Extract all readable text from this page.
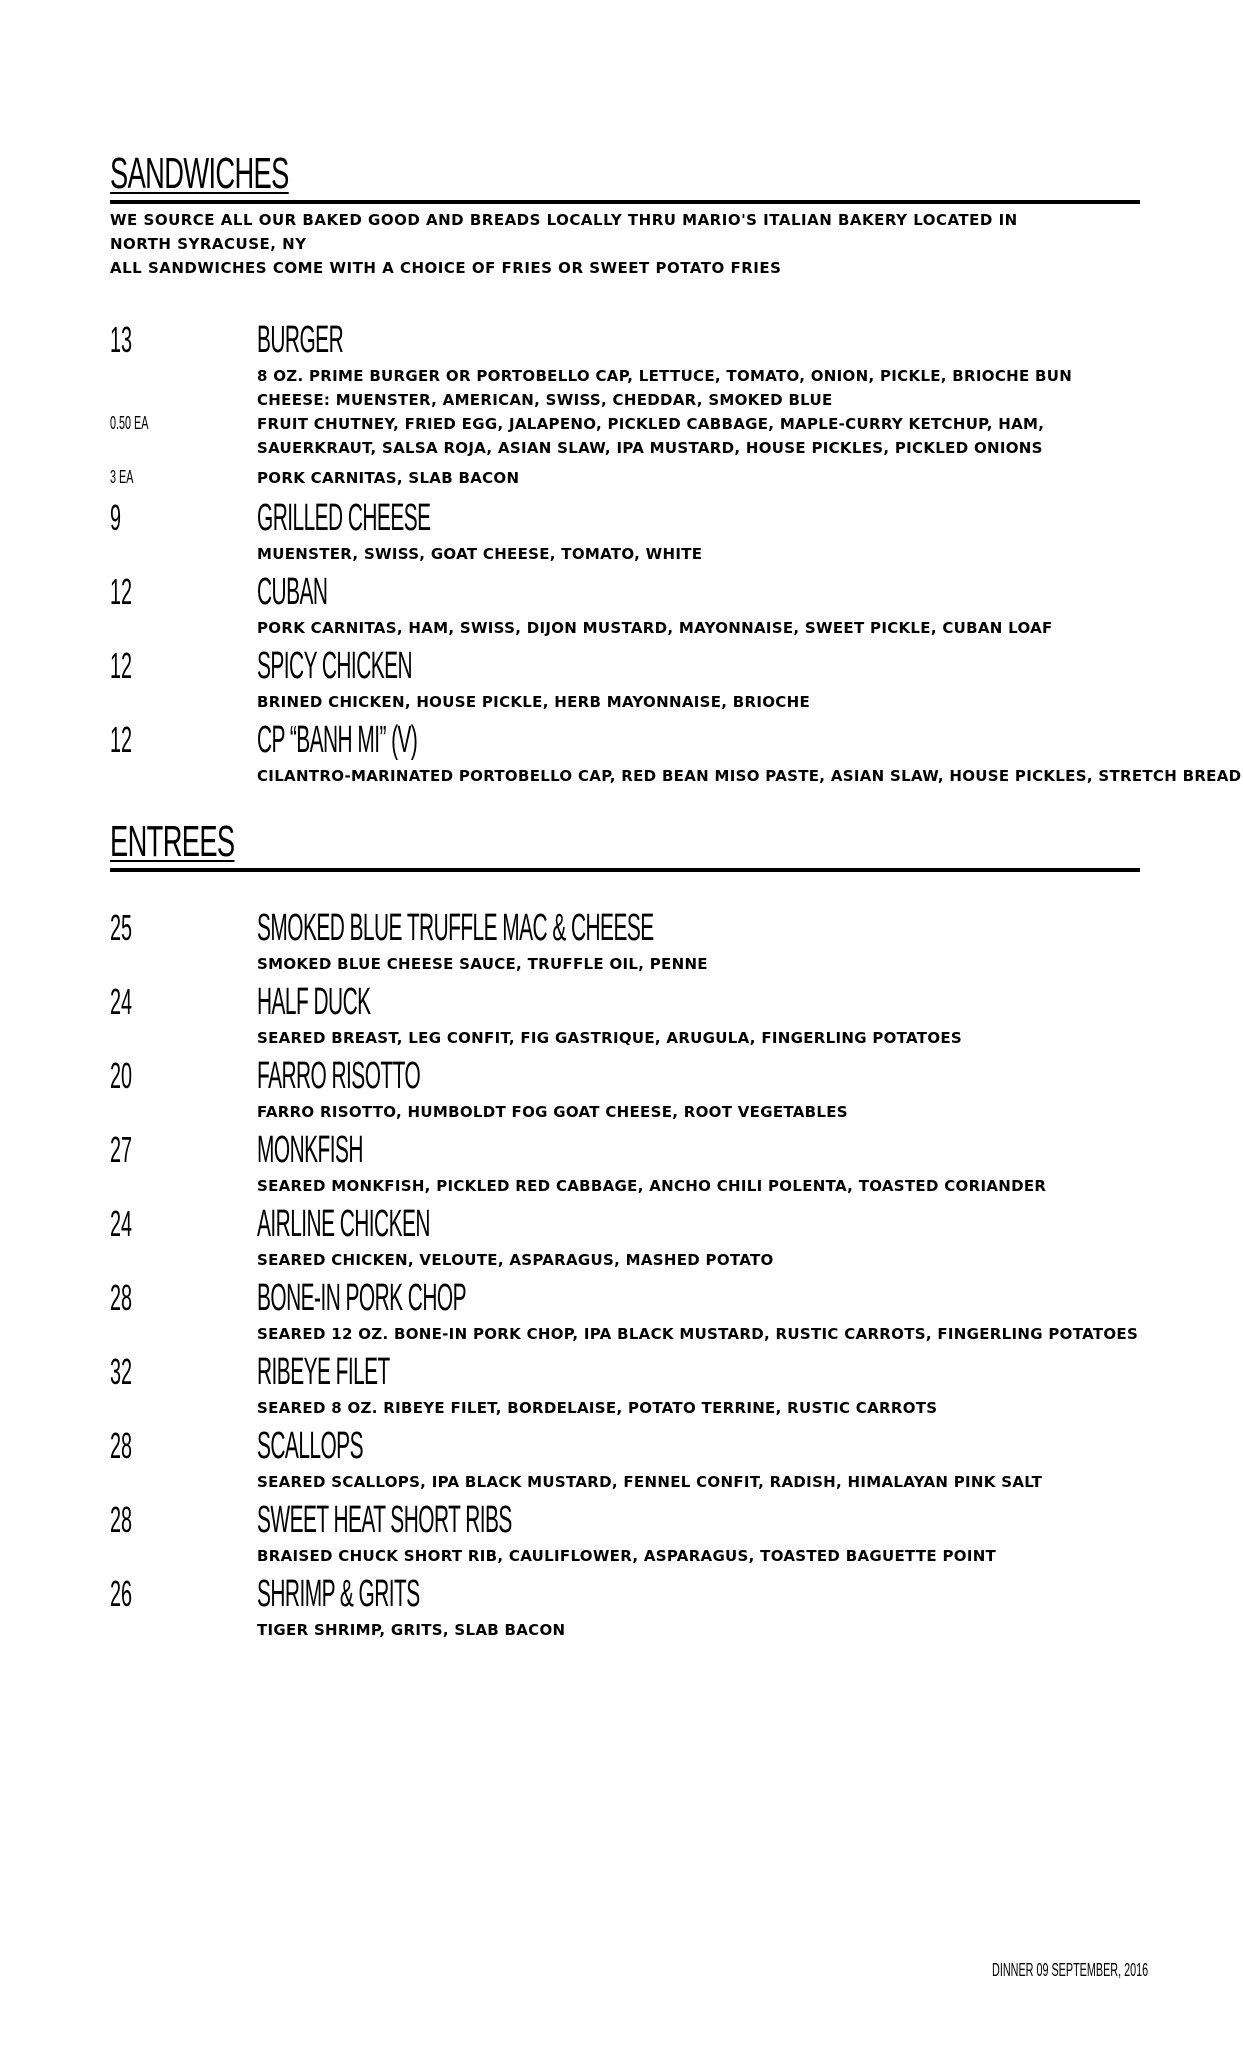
SANDWICHES
WE SOURCE ALL OUR BAKED GOOD AND BREADS LOCALLY THRU MARIO'S ITALIAN BAKERY LOCATED IN
NORTH SYRACUSE, NY
ALL SANDWICHES COME WITH A CHOICE OF FRIES OR SWEET POTATO FRIES
13	BURGER
8 OZ. PRIME BURGER OR PORTOBELLO CAP, LETTUCE, TOMATO, ONION, PICKLE, BRIOCHE BUN
CHEESE: MUENSTER, AMERICAN, SWISS, CHEDDAR, SMOKED BLUE
0.50 EA	FRUIT CHUTNEY, FRIED EGG, JALAPENO, PICKLED CABBAGE, MAPLE-CURRY KETCHUP, HAM, SAUERKRAUT, SALSA ROJA, ASIAN SLAW, IPA MUSTARD, HOUSE PICKLES, PICKLED ONIONS
3 EA	PORK CARNITAS, SLAB BACON
9	GRILLED CHEESE
MUENSTER, SWISS, GOAT CHEESE, TOMATO, WHITE
12	CUBAN
PORK CARNITAS, HAM, SWISS, DIJON MUSTARD, MAYONNAISE, SWEET PICKLE, CUBAN LOAF
12	SPICY CHICKEN
BRINED CHICKEN, HOUSE PICKLE, HERB MAYONNAISE, BRIOCHE
12	CP “BANH MI” (V)
CILANTRO-MARINATED PORTOBELLO CAP, RED BEAN MISO PASTE, ASIAN SLAW, HOUSE PICKLES, STRETCH BREAD
ENTREES
25	SMOKED BLUE TRUFFLE MAC & CHEESE
SMOKED BLUE CHEESE SAUCE, TRUFFLE OIL, PENNE
24	HALF DUCK
SEARED BREAST, LEG CONFIT, FIG GASTRIQUE, ARUGULA, FINGERLING POTATOES
20	FARRO RISOTTO
FARRO RISOTTO, HUMBOLDT FOG GOAT CHEESE, ROOT VEGETABLES
27	MONKFISH
SEARED MONKFISH, PICKLED RED CABBAGE, ANCHO CHILI POLENTA, TOASTED CORIANDER
24	AIRLINE CHICKEN
SEARED CHICKEN, VELOUTE, ASPARAGUS, MASHED POTATO
28	BONE-IN PORK CHOP
SEARED 12 OZ. BONE-IN PORK CHOP, IPA BLACK MUSTARD, RUSTIC CARROTS, FINGERLING POTATOES
32	RIBEYE FILET
SEARED 8 OZ. RIBEYE FILET, BORDELAISE, POTATO TERRINE, RUSTIC CARROTS
28	SCALLOPS
SEARED SCALLOPS, IPA BLACK MUSTARD, FENNEL CONFIT, RADISH, HIMALAYAN PINK SALT
28	SWEET HEAT SHORT RIBS
BRAISED CHUCK SHORT RIB, CAULIFLOWER, ASPARAGUS, TOASTED BAGUETTE POINT
26	SHRIMP & GRITS
TIGER SHRIMP, GRITS, SLAB BACON
DINNER 09 SEPTEMBER, 2016
